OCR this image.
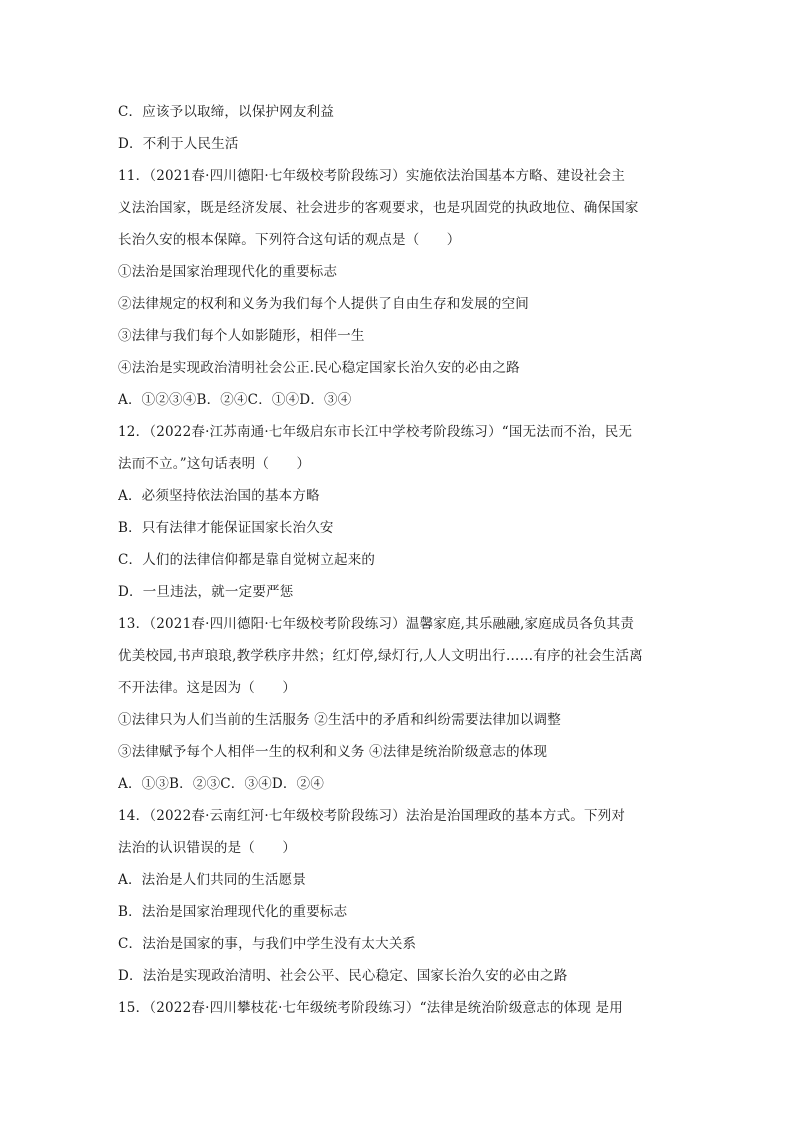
C．应该予以取缔，以保护网友利益
D．不利于人民生活
11．（2021春·四川德阳·七年级校考阶段练习）实施依法治国基本方略、建设社会主
义法治国家，既是经济发展、社会进步的客观要求，也是巩固党的执政地位、确保国家
长治久安的根本保障。下列符合这句话的观点是（　　）
①法治是国家治理现代化的重要标志
②法律规定的权利和义务为我们每个人提供了自由生存和发展的空间
③法律与我们每个人如影随形，相伴一生
④法治是实现政治清明社会公正.民心稳定国家长治久安的必由之路
A．①②③④B．②④C．①④D．③④
12．（2022春·江苏南通·七年级启东市长江中学校考阶段练习）“国无法而不治，民无
法而不立。”这句话表明（　　）
A．必须坚持依法治国的基本方略
B．只有法律才能保证国家长治久安
C．人们的法律信仰都是靠自觉树立起来的
D．一旦违法，就一定要严惩
13．（2021春·四川德阳·七年级校考阶段练习）温馨家庭,其乐融融,家庭成员各负其责
优美校园,书声琅琅,教学秩序井然；红灯停,绿灯行,人人文明出行……有序的社会生活离
不开法律。这是因为（　　）
①法律只为人们当前的生活服务 ②生活中的矛盾和纠纷需要法律加以调整
③法律赋予每个人相伴一生的权利和义务 ④法律是统治阶级意志的体现
A．①③B．②③C．③④D．②④
14．（2022春·云南红河·七年级校考阶段练习）法治是治国理政的基本方式。下列对
法治的认识错误的是（　　）
A．法治是人们共同的生活愿景
B．法治是国家治理现代化的重要标志
C．法治是国家的事，与我们中学生没有太大关系
D．法治是实现政治清明、社会公平、民心稳定、国家长治久安的必由之路
15．（2022春·四川攀枝花·七年级统考阶段练习）“法律是统治阶级意志的体现 是用
